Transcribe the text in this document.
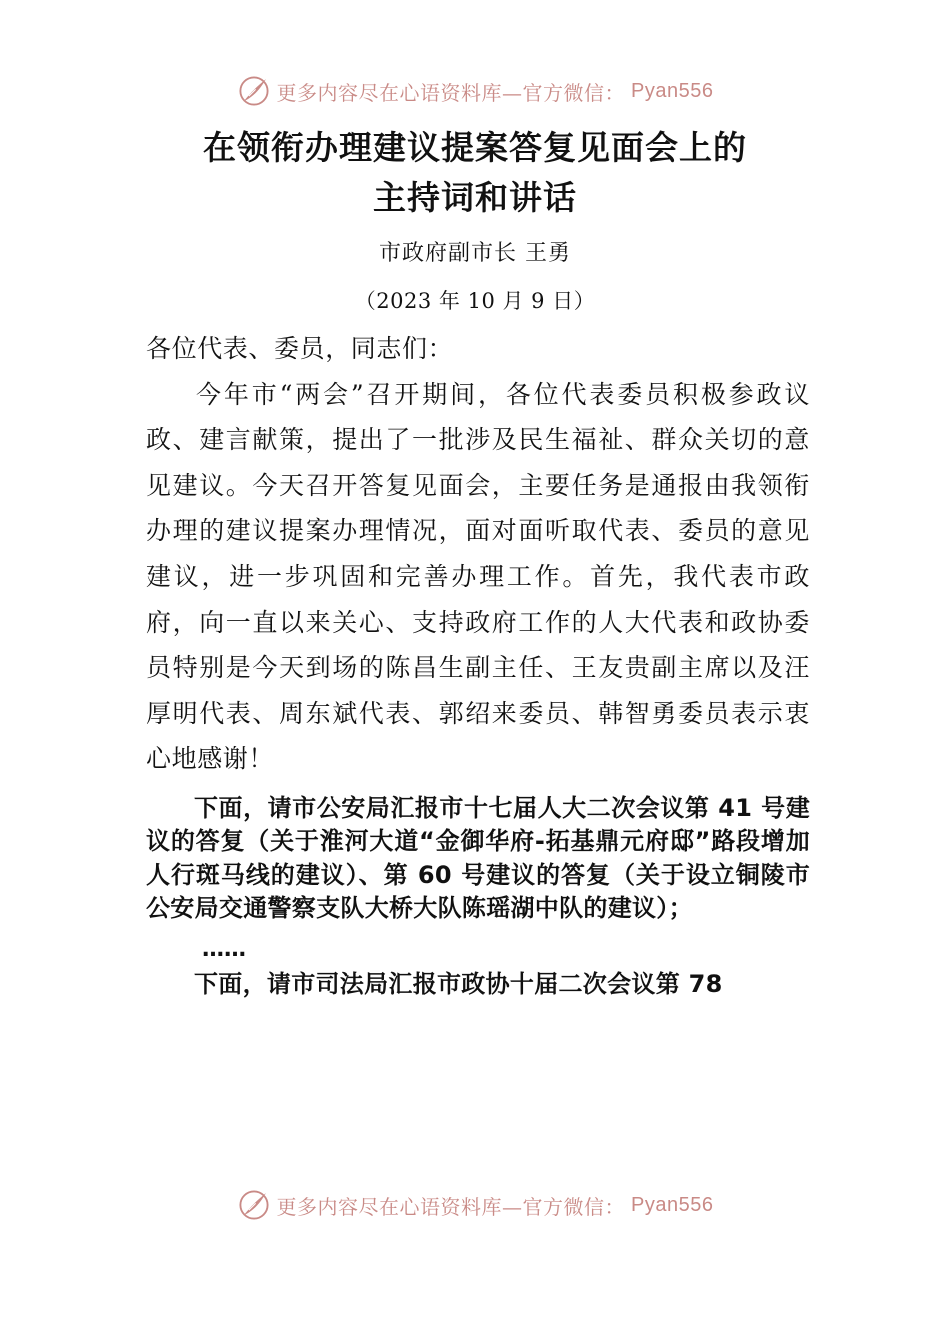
更多内容尽在心语资料库—官方微信： Pyan556
在领衔办理建议提案答复见面会上的
主持词和讲话
市政府副市长 王勇
（2023 年 10 月 9 日）

各位代表、委员，同志们：

今年市“两会”召开期间，各位代表委员积极参政议政、建言献策，提出了一批涉及民生福祉、群众关切的意见建议。今天召开答复见面会，主要任务是通报由我领衔办理的建议提案办理情况，面对面听取代表、委员的意见建议，进一步巩固和完善办理工作。首先，我代表市政府，向一直以来关心、支持政府工作的人大代表和政协委员特别是今天到场的陈昌生副主任、王友贵副主席以及汪厚明代表、周东斌代表、郭绍来委员、韩智勇委员表示衷心地感谢！

下面，请市公安局汇报市十七届人大二次会议第 41 号建议的答复（关于淮河大道“金御华府-拓基鼎元府邸”路段增加人行斑马线的建议）、第 60 号建议的答复（关于设立铜陵市公安局交通警察支队大桥大队陈瑶湖中队的建议）；

……

下面，请市司法局汇报市政协十届二次会议第 78

更多内容尽在心语资料库—官方微信： Pyan556
